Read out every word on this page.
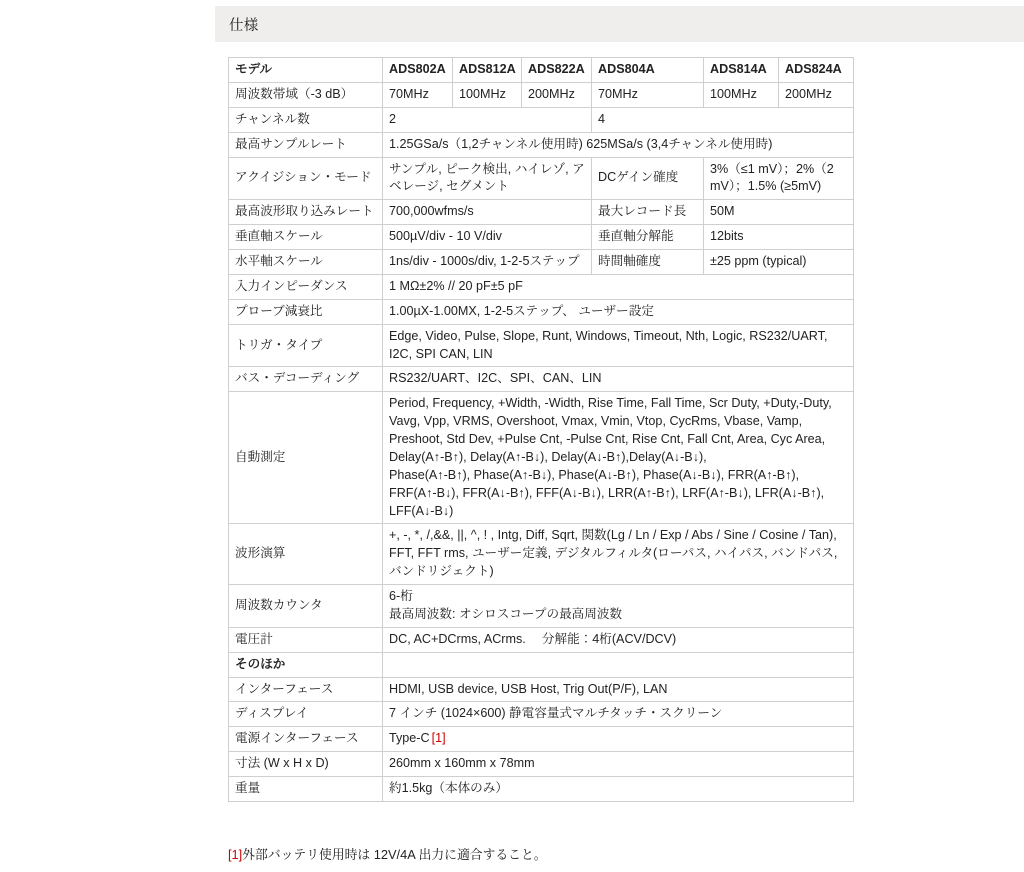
仕様
モデル	ADS802A	ADS812A	ADS822A	ADS804A	ADS814A	ADS824A
周波数帯域（-3 dB）	70MHz	100MHz	200MHz	70MHz	100MHz	200MHz
チャンネル数	2			4		
最高サンプルレート	1.25GSa/s（1,2チャンネル使用時) 625MSa/s (3,4チャンネル使用時)					
アクイジション・モード	サンプル, ピーク検出, ハイレゾ, アベレージ, セグメント			DCゲイン確度	3%（≤1 mV）；2%（2 mV）；1.5% (≥5mV)	
最高波形取り込みレート	700,000wfms/s			最大レコード長	50M	
垂直軸スケール	500µV/div - 10 V/div			垂直軸分解能	12bits	
水平軸スケール	1ns/div - 1000s/div, 1-2-5ステップ			時間軸確度	±25 ppm (typical)	
入力インピーダンス	1 MΩ±2% // 20 pF±5 pF					
プローブ減衰比	1.00µX-1.00MX, 1-2-5ステップ、 ユーザー設定					
トリガ・タイプ	Edge, Video, Pulse, Slope, Runt, Windows, Timeout, Nth, Logic, RS232/UART, I2C, SPI CAN, LIN					
バス・デコーディング	RS232/UART、I2C、SPI、CAN、LIN					
自動測定	Period, Frequency, +Width, -Width, Rise Time, Fall Time, Scr Duty, +Duty,-Duty, Vavg, Vpp, VRMS, Overshoot, Vmax, Vmin, Vtop, CycRms, Vbase, Vamp, Preshoot, Std Dev, +Pulse Cnt, -Pulse Cnt, Rise Cnt, Fall Cnt, Area, Cyc Area, Delay(A↑-B↑), Delay(A↑-B↓), Delay(A↓-B↑),Delay(A↓-B↓),
Phase(A↑-B↑), Phase(A↑-B↓), Phase(A↓-B↑), Phase(A↓-B↓), FRR(A↑-B↑),
FRF(A↑-B↓), FFR(A↓-B↑), FFF(A↓-B↓), LRR(A↑-B↑), LRF(A↑-B↓), LFR(A↓-B↑), LFF(A↓-B↓)					
波形演算	+, -, *, /,&&, ||, ^, ! , Intg, Diff, Sqrt, 関数(Lg / Ln / Exp / Abs / Sine / Cosine / Tan), FFT, FFT rms, ユーザー定義, デジタルフィルタ(ローパス, ハイパス, バンドパス, バンドリジェクト)					
周波数カウンタ	6-桁
最高周波数: オシロスコープの最高周波数					
電圧計	DC, AC+DCrms, ACrms.　 分解能：4桁(ACV/DCV)					
そのほか						
インターフェース	HDMI, USB device, USB Host, Trig Out(P/F), LAN					
ディスプレイ	7 インチ (1024×600) 静電容量式マルチタッチ・スクリーン					
電源インターフェース	Type-C [1]					
寸法 (W x H x D)	260mm x 160mm x 78mm					
重量	約1.5kg（本体のみ）					
[1]外部バッテリ使用時は 12V/4A 出力に適合すること。
